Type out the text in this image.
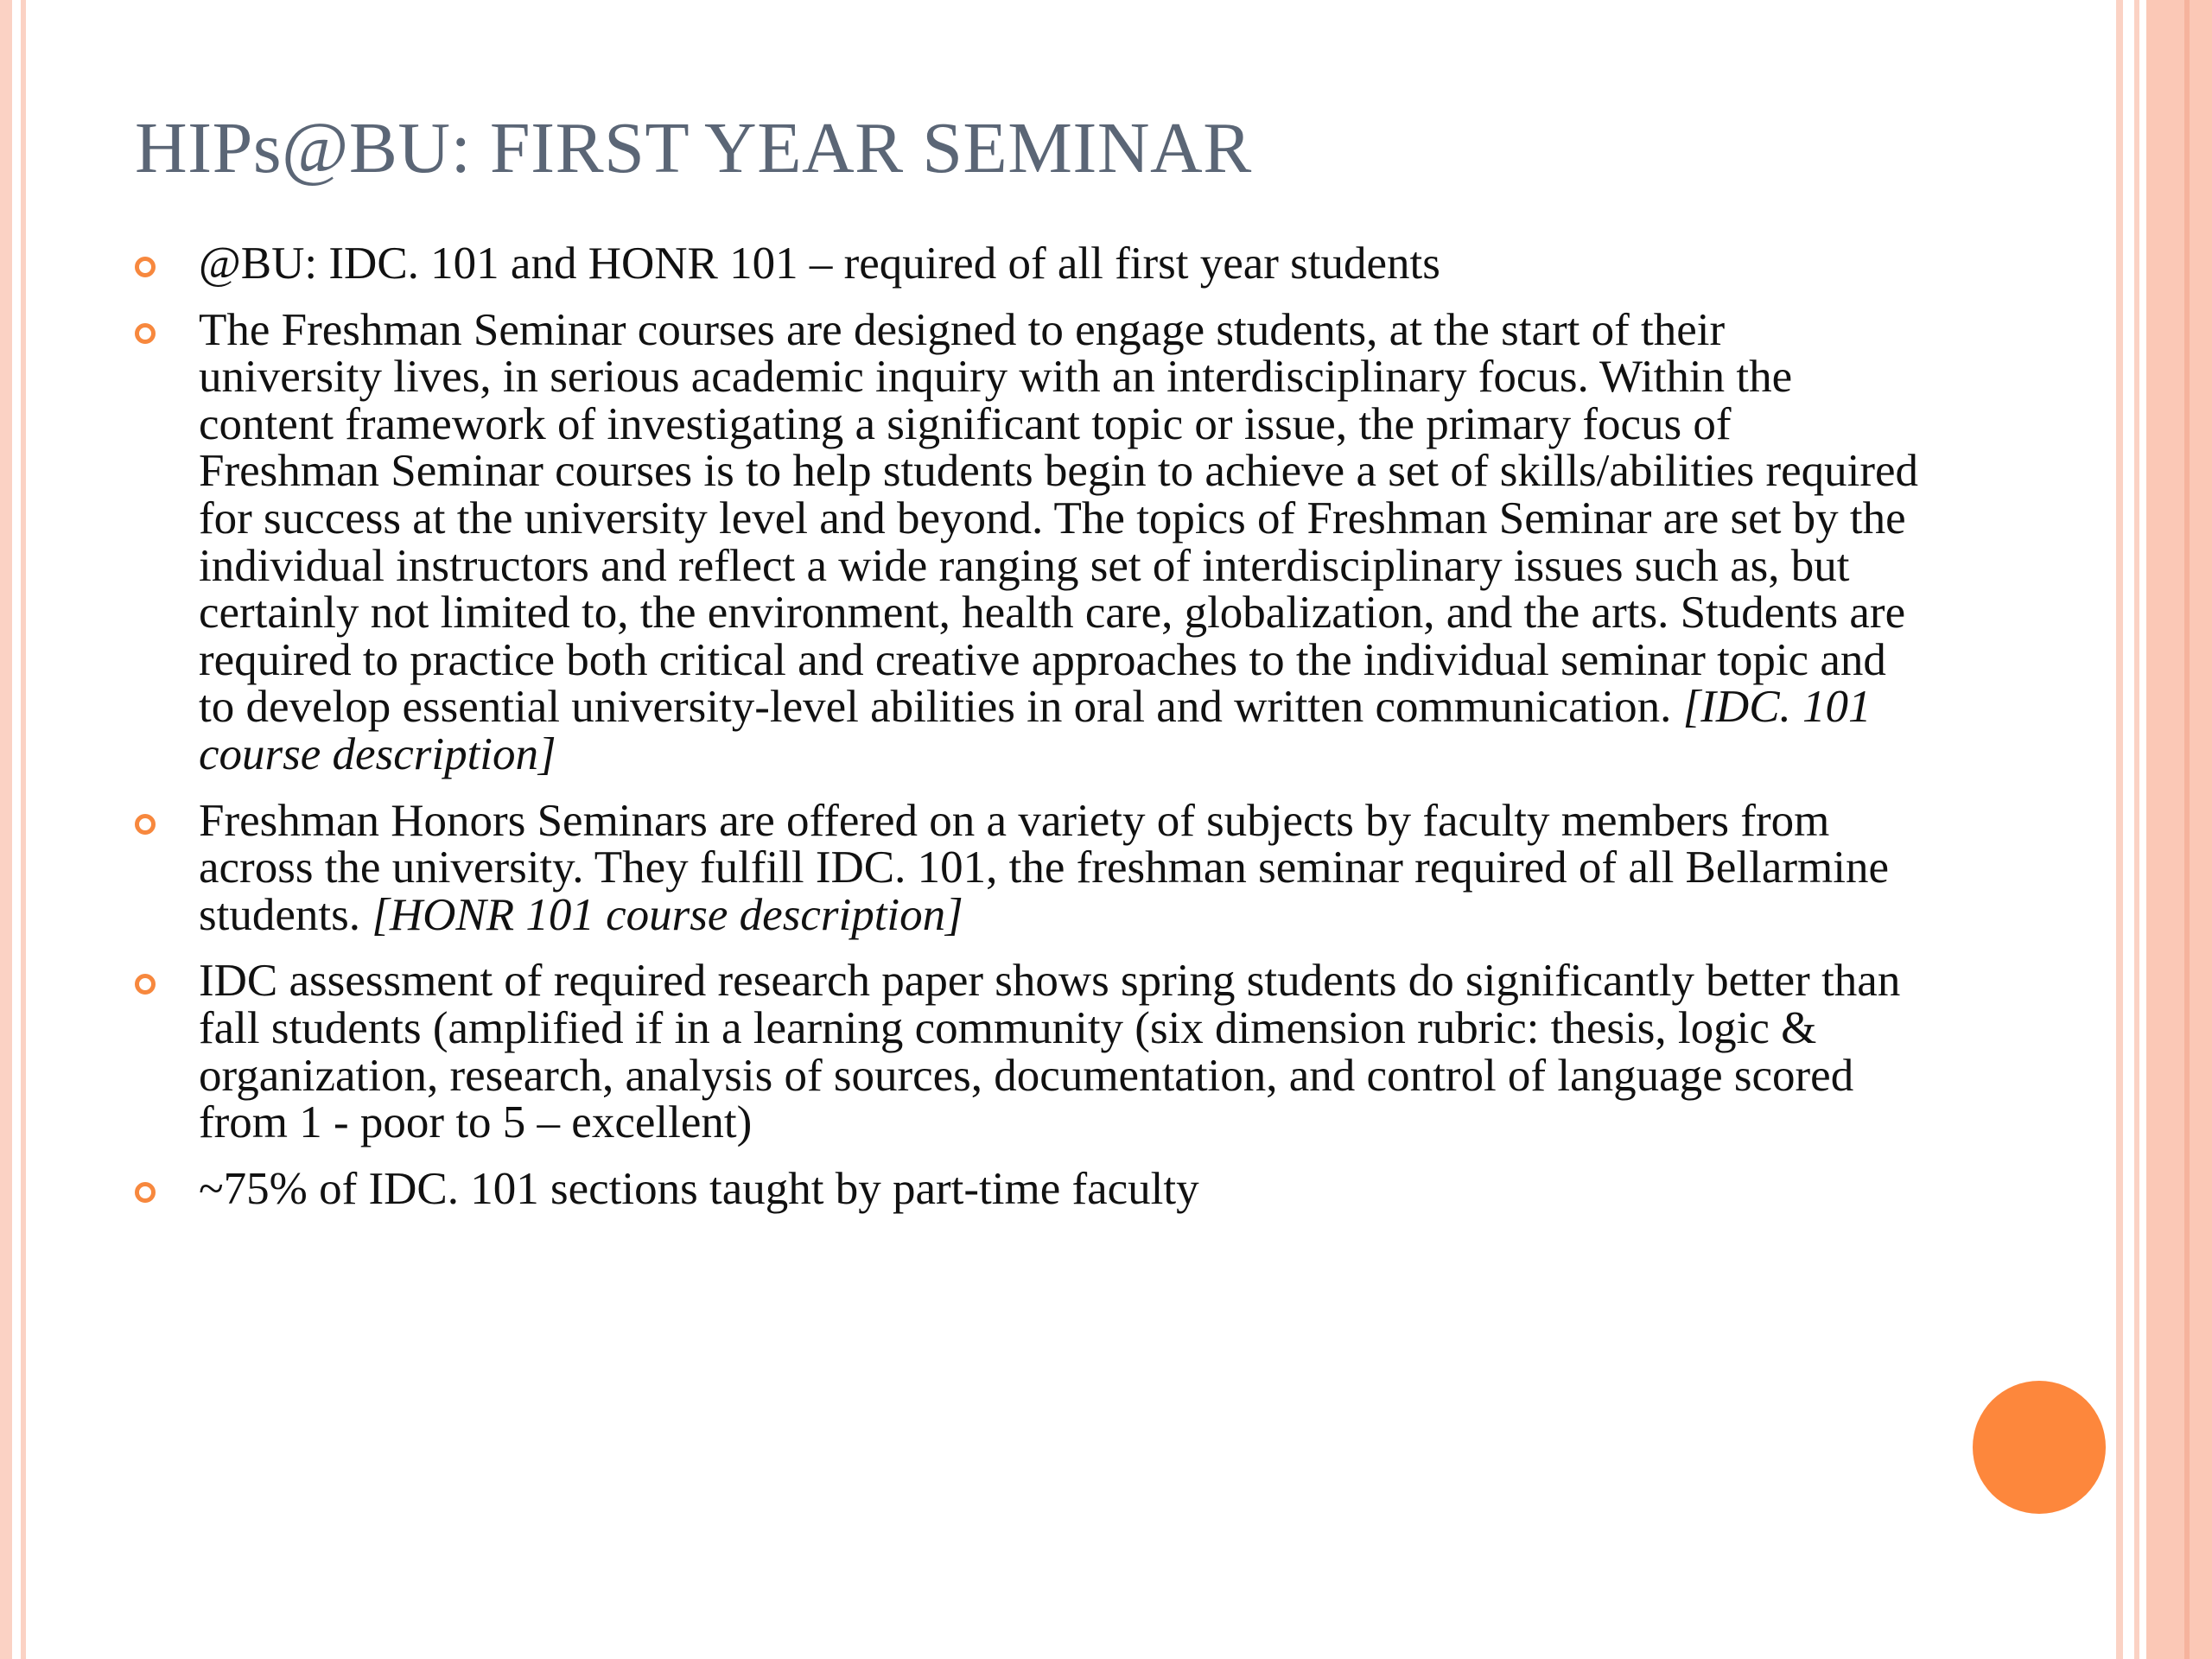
HIPs@BU: FIRST YEAR SEMINAR
@BU: IDC. 101 and HONR 101 – required of all first year students
The Freshman Seminar courses are designed to engage students, at the start of their university lives, in serious academic inquiry with an interdisciplinary focus. Within the content framework of investigating a significant topic or issue, the primary focus of Freshman Seminar courses is to help students begin to achieve a set of skills/abilities required for success at the university level and beyond. The topics of Freshman Seminar are set by the individual instructors and reflect a wide ranging set of interdisciplinary issues such as, but certainly not limited to, the environment, health care, globalization, and the arts. Students are required to practice both critical and creative approaches to the individual seminar topic and to develop essential university-level abilities in oral and written communication. [IDC. 101 course description]
Freshman Honors Seminars are offered on a variety of subjects by faculty members from across the university. They fulfill IDC. 101, the freshman seminar required of all Bellarmine students. [HONR 101 course description]
IDC assessment of required research paper shows spring students do significantly better than fall students (amplified if in a learning community (six dimension rubric: thesis, logic & organization, research, analysis of sources, documentation, and control of language scored from 1 - poor to 5 – excellent)
~75% of IDC. 101 sections taught by part-time faculty
